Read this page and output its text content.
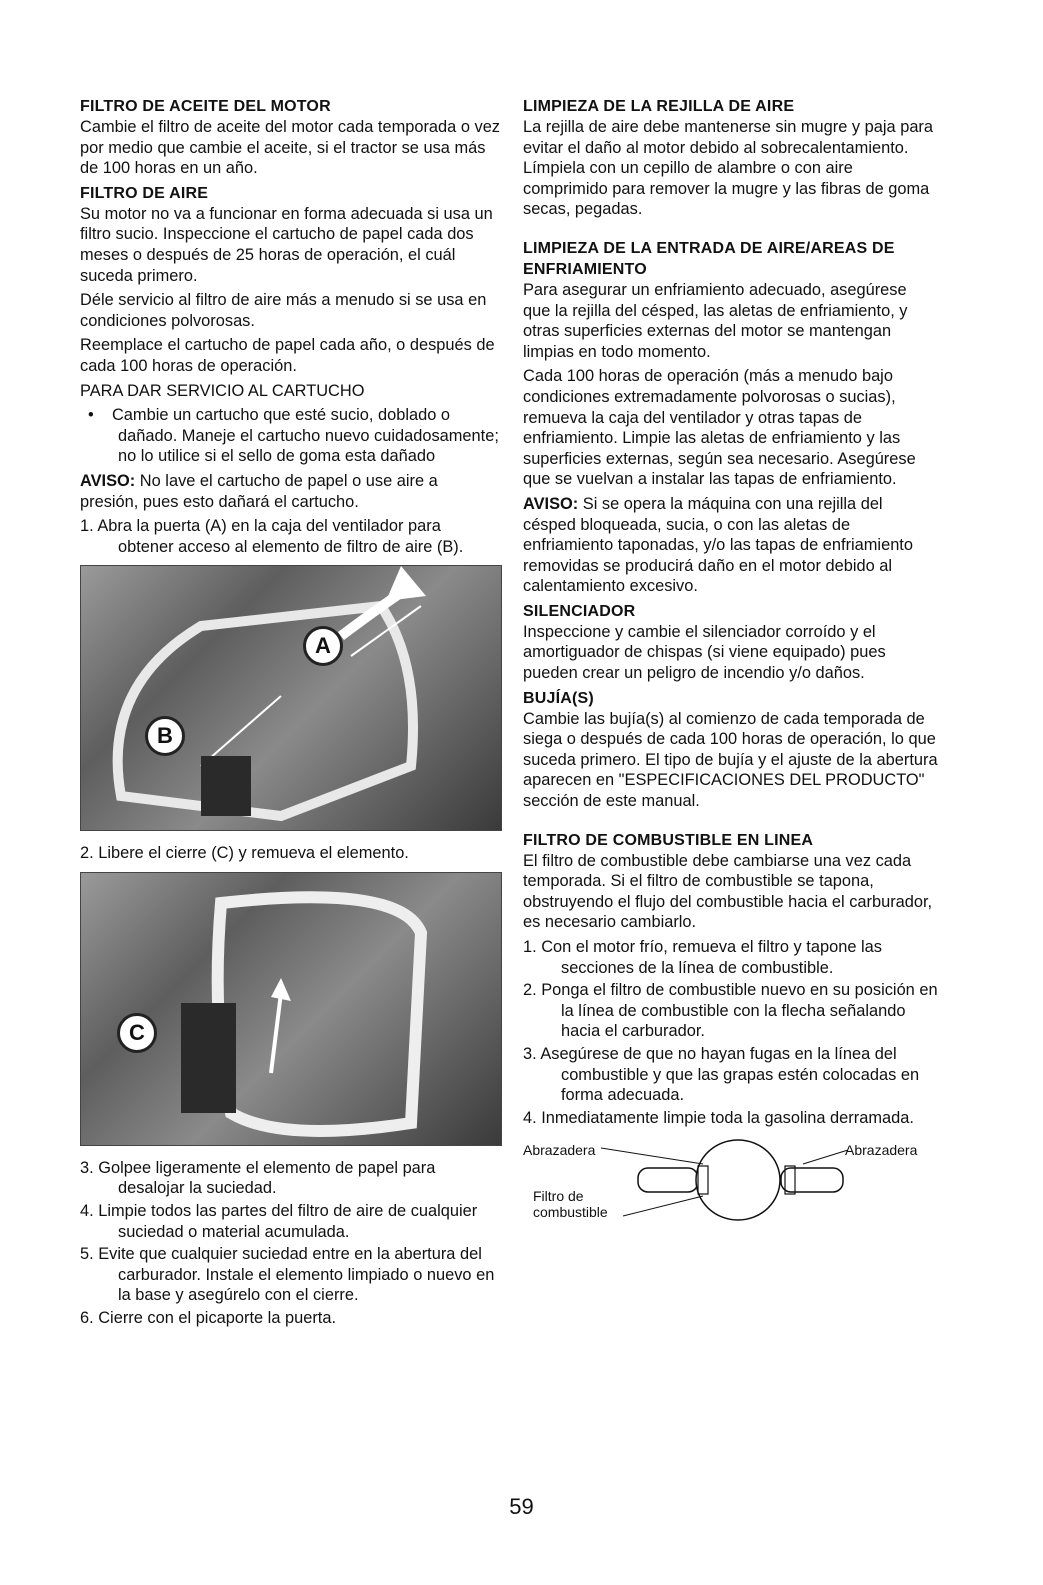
FILTRO DE ACEITE DEL MOTOR

Cambie el filtro de aceite del motor cada temporada o vez por medio que cambie el aceite, si el tractor se usa más de 100 horas en un año.

FILTRO DE AIRE

Su motor no va a funcionar en forma adecuada si usa un filtro sucio. Inspeccione el cartucho de papel cada dos meses o después de 25 horas de operación, el cuál suceda primero.

Déle servicio al filtro de aire más a menudo si se usa en condiciones polvorosas.

Reemplace el cartucho de papel cada año, o después de cada 100 horas de operación.

PARA DAR SERVICIO AL CARTUCHO

•    Cambie un cartucho que esté sucio, doblado o dañado. Maneje el cartucho nuevo cuidadosamente; no lo utilice si el sello de goma esta dañado

AVISO: No lave el cartucho de papel o use aire a presión, pues esto dañará el cartucho.

1. Abra la puerta (A) en la caja del ventilador para obtener acceso al elemento de filtro de aire (B).

A
B

2. Libere el cierre (C) y remueva el elemento.

C

3. Golpee ligeramente el elemento de papel para desalojar la suciedad.

4. Limpie todos las partes del filtro de aire de cualquier suciedad o material acumulada.

5. Evite que cualquier suciedad entre en la abertura del carburador. Instale el elemento limpiado o nuevo en la base y asegúrelo con el cierre.

6. Cierre con el picaporte la puerta.

LIMPIEZA DE LA REJILLA DE AIRE

La rejilla de aire debe mantenerse sin mugre y paja para evitar el daño al motor debido al sobrecalentamiento. Límpiela con un cepillo de alambre o con aire comprimido para remover la mugre y las fibras de goma secas, pegadas.

LIMPIEZA DE LA ENTRADA DE AIRE/AREAS DE ENFRIAMIENTO

Para asegurar un enfriamiento adecuado, asegúrese que la rejilla del césped, las aletas de enfriamiento, y otras superficies externas del motor se mantengan limpias en todo momento.

Cada 100 horas de operación (más a menudo bajo condiciones extremadamente polvorosas o sucias), remueva la caja del ventilador y otras tapas de enfriamiento. Limpie las aletas de enfriamiento y las superficies externas, según sea necesario. Asegúrese que se vuelvan a instalar las tapas de enfriamiento.

AVISO: Si se opera la máquina con una rejilla del césped bloqueada, sucia, o con las aletas de enfriamiento taponadas, y/o las tapas de enfriamiento removidas se producirá daño en el motor debido al calentamiento excesivo.

SILENCIADOR

Inspeccione y cambie el silenciador corroído y el amortiguador de chispas (si viene equipado) pues pueden crear un peligro de incendio y/o daños.

BUJÍA(S)

Cambie las bujía(s) al comienzo de cada temporada de siega o después de cada 100 horas de operación, lo que suceda primero. El tipo de bujía y el ajuste de la abertura aparecen en "ESPECIFICACIONES DEL PRODUCTO" sección de este manual.

FILTRO DE COMBUSTIBLE EN LINEA

El filtro de combustible debe cambiarse una vez cada temporada. Si el filtro de combustible se tapona, obstruyendo el flujo del combustible hacia el carburador, es necesario cambiarlo.

1. Con el motor frío, remueva el filtro y tapone las secciones de la línea de combustible.

2. Ponga el filtro de combustible nuevo en su posición en la línea de combustible con la flecha señalando hacia el carburador.

3. Asegúrese de que no hayan fugas en la línea del combustible y que las grapas estén colocadas en forma adecuada.

4. Inmediatamente limpie toda la gasolina derramada.

Abrazadera	Abrazadera
Filtro de combustible
59
